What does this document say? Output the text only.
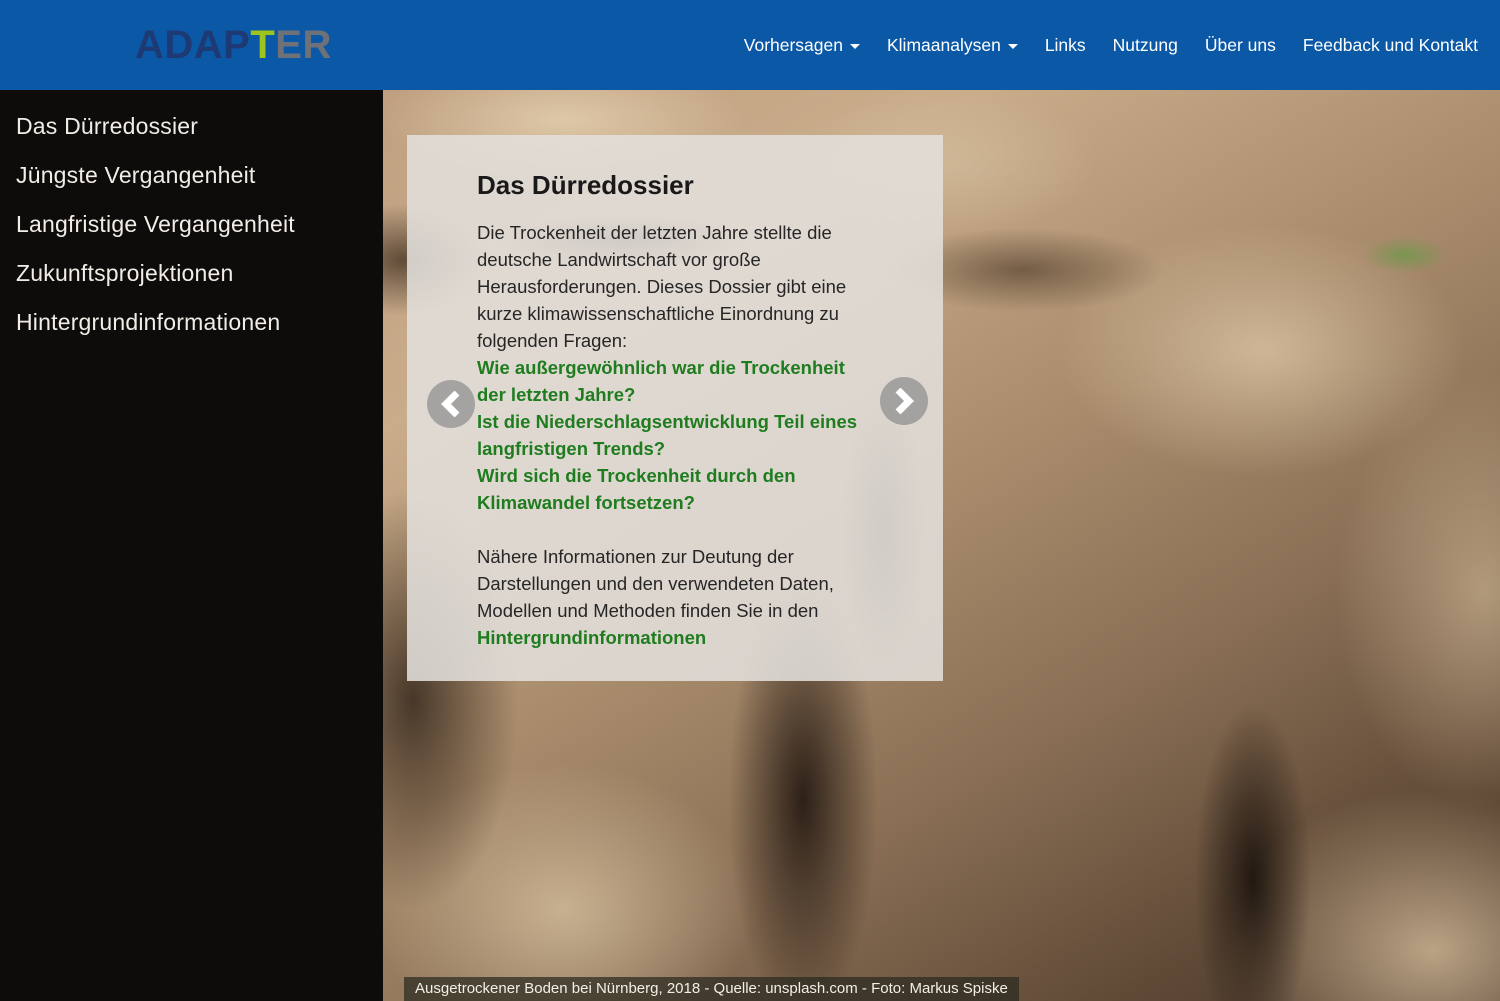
ADAPTER	Vorhersagen	Klimaanalysen	Links Nutzung Über uns Feedback und Kontakt
Das Dürredossier
Jüngste Vergangenheit
Langfristige Vergangenheit
Zukunftsprojektionen
Hintergrundinformationen
Das Dürredossier

Die Trockenheit der letzten Jahre stellte die deutsche Landwirtschaft vor große Herausforderungen. Dieses Dossier gibt eine kurze klimawissenschaftliche Einordnung zu folgenden Fragen:

Wie außergewöhnlich war die Trockenheit der letzten Jahre?
Ist die Niederschlagsentwicklung Teil eines langfristigen Trends?
Wird sich die Trockenheit durch den Klimawandel fortsetzen?

Nähere Informationen zur Deutung der Darstellungen und den verwendeten Daten, Modellen und Methoden finden Sie in den Hintergrundinformationen

Ausgetrockener Boden bei Nürnberg, 2018 - Quelle: unsplash.com - Foto: Markus Spiske
